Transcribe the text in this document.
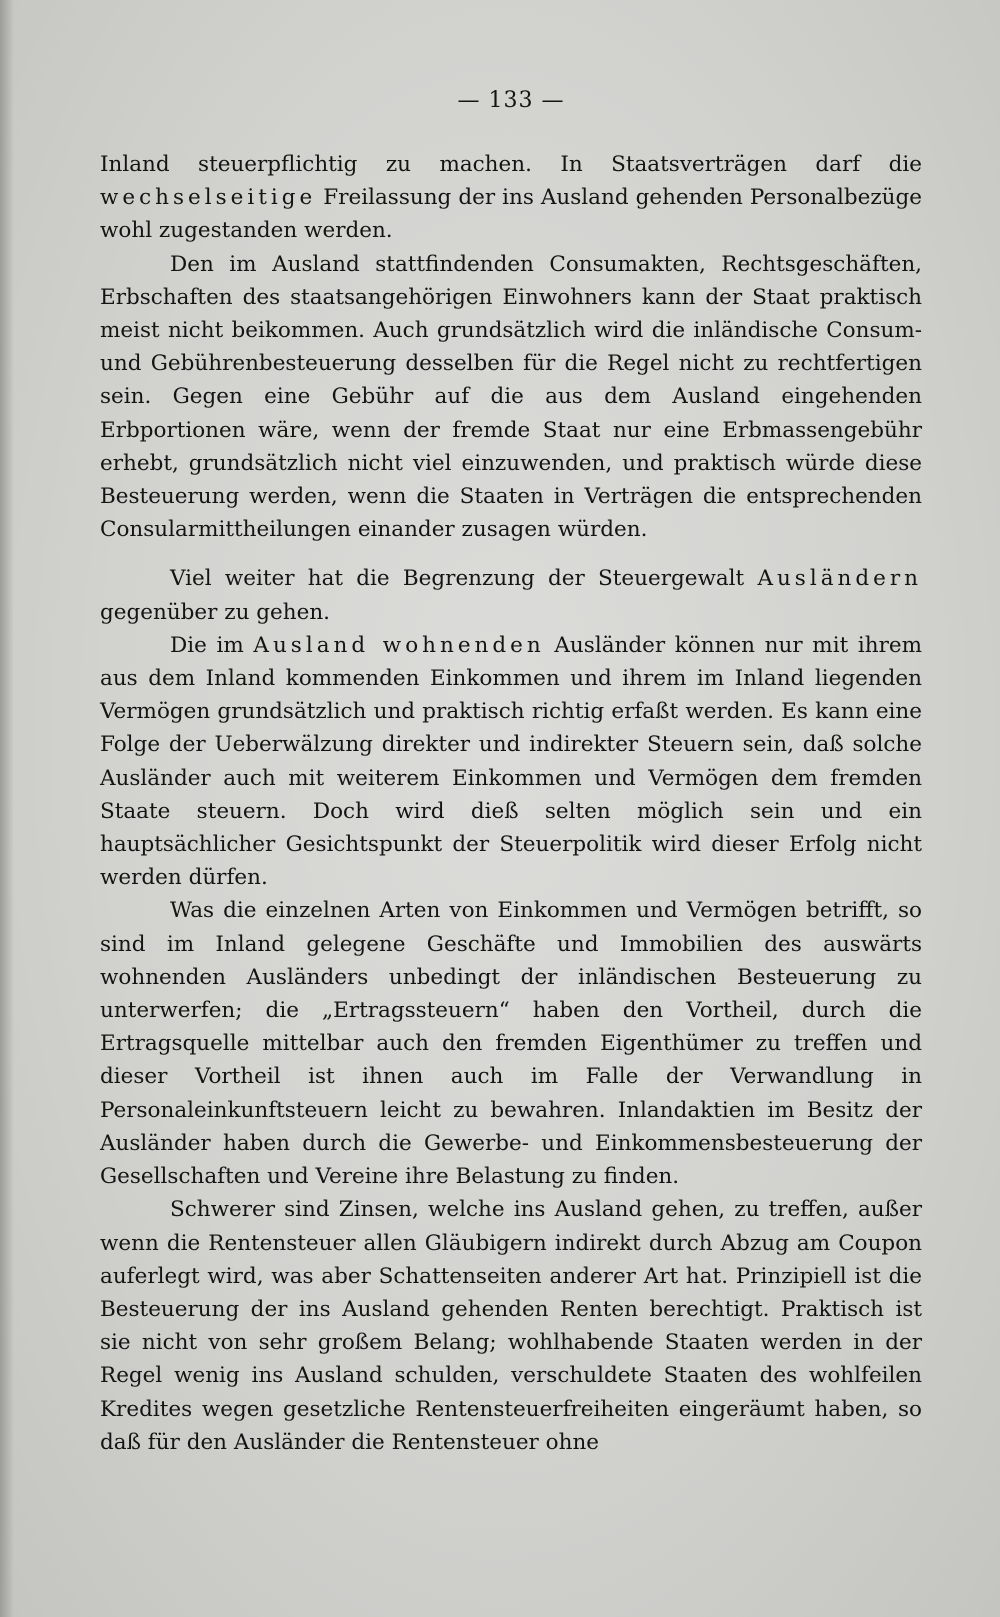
— 133 —

Inland steuerpflichtig zu machen. In Staatsverträgen darf die wechselseitige Freilassung der ins Ausland gehenden Personalbezüge wohl zugestanden werden.

Den im Ausland stattfindenden Consumakten, Rechtsgeschäften, Erbschaften des staatsangehörigen Einwohners kann der Staat praktisch meist nicht beikommen. Auch grundsätzlich wird die inländische Consum- und Gebührenbesteuerung desselben für die Regel nicht zu rechtfertigen sein. Gegen eine Gebühr auf die aus dem Ausland eingehenden Erbportionen wäre, wenn der fremde Staat nur eine Erbmassengebühr erhebt, grundsätzlich nicht viel einzuwenden, und praktisch würde diese Besteuerung werden, wenn die Staaten in Verträgen die entsprechenden Consularmittheilungen einander zusagen würden.

Viel weiter hat die Begrenzung der Steuergewalt Ausländern gegenüber zu gehen.

Die im Ausland wohnenden Ausländer können nur mit ihrem aus dem Inland kommenden Einkommen und ihrem im Inland liegenden Vermögen grundsätzlich und praktisch richtig erfaßt werden. Es kann eine Folge der Ueberwälzung direkter und indirekter Steuern sein, daß solche Ausländer auch mit weiterem Einkommen und Vermögen dem fremden Staate steuern. Doch wird dieß selten möglich sein und ein hauptsächlicher Gesichtspunkt der Steuerpolitik wird dieser Erfolg nicht werden dürfen.

Was die einzelnen Arten von Einkommen und Vermögen betrifft, so sind im Inland gelegene Geschäfte und Immobilien des auswärts wohnenden Ausländers unbedingt der inländischen Besteuerung zu unterwerfen; die „Ertragssteuern“ haben den Vortheil, durch die Ertragsquelle mittelbar auch den fremden Eigenthümer zu treffen und dieser Vortheil ist ihnen auch im Falle der Verwandlung in Personaleinkunftsteuern leicht zu bewahren. Inlandaktien im Besitz der Ausländer haben durch die Gewerbe- und Einkommensbesteuerung der Gesellschaften und Vereine ihre Belastung zu finden.

Schwerer sind Zinsen, welche ins Ausland gehen, zu treffen, außer wenn die Rentensteuer allen Gläubigern indirekt durch Abzug am Coupon auferlegt wird, was aber Schattenseiten anderer Art hat. Prinzipiell ist die Besteuerung der ins Ausland gehenden Renten berechtigt. Praktisch ist sie nicht von sehr großem Belang; wohlhabende Staaten werden in der Regel wenig ins Ausland schulden, verschuldete Staaten des wohlfeilen Kredites wegen gesetzliche Rentensteuerfreiheiten eingeräumt haben, so daß für den Ausländer die Rentensteuer ohne
